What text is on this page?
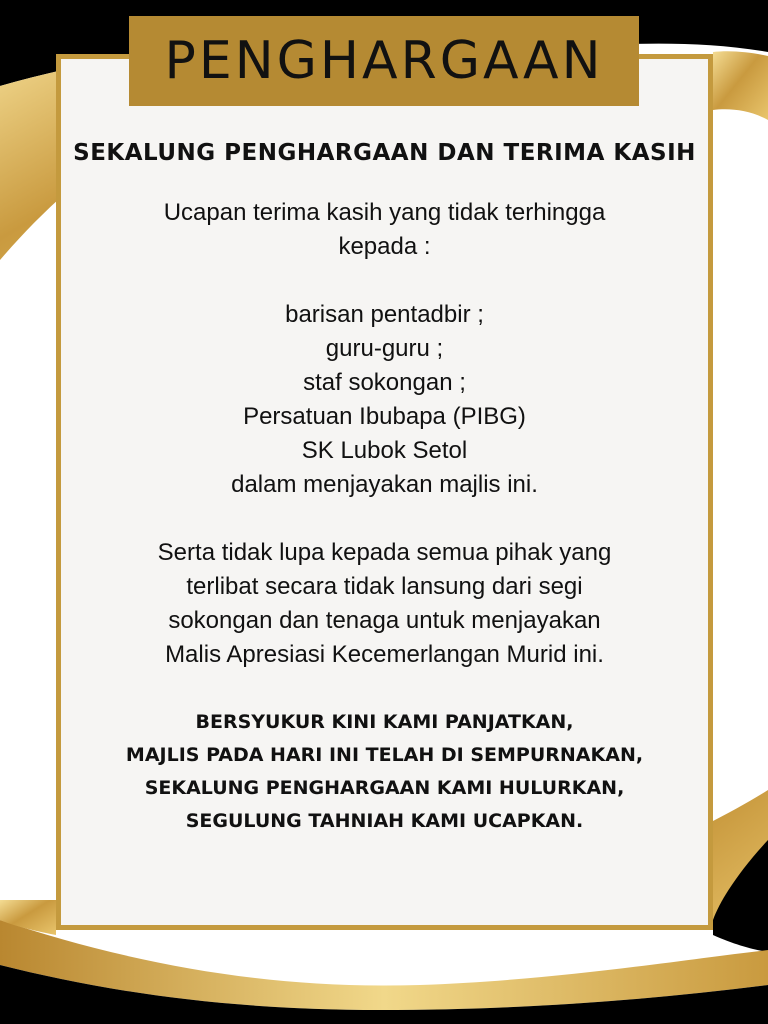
PENGHARGAAN
SEKALUNG PENGHARGAAN DAN TERIMA KASIH
Ucapan terima kasih yang tidak terhingga
kepada :
barisan pentadbir ;
guru-guru ;
staf sokongan ;
Persatuan Ibubapa (PIBG)
SK Lubok Setol
dalam menjayakan majlis ini.
Serta tidak lupa kepada semua pihak yang
terlibat secara tidak lansung dari segi
sokongan dan tenaga untuk menjayakan
Malis Apresiasi Kecemerlangan Murid ini.
BERSYUKUR KINI KAMI PANJATKAN,
MAJLIS PADA HARI INI TELAH DI SEMPURNAKAN,
SEKALUNG PENGHARGAAN KAMI HULURKAN,
SEGULUNG TAHNIAH KAMI UCAPKAN.
